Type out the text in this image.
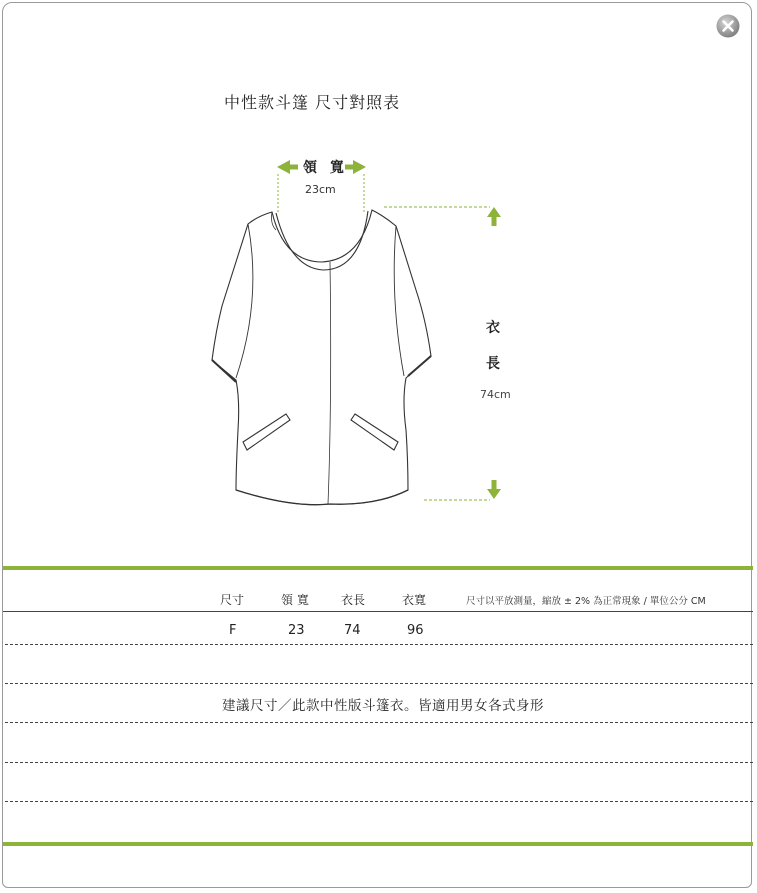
中性款斗篷 尺寸對照表
領 寬
23cm
衣
長
74cm
尺寸	領 寬	衣長	衣寬	尺寸以平放測量，縮放 ± 2% 為正常現象 / 單位公分 CM
F	23	74	96
建議尺寸／此款中性版斗篷衣。皆適用男女各式身形
